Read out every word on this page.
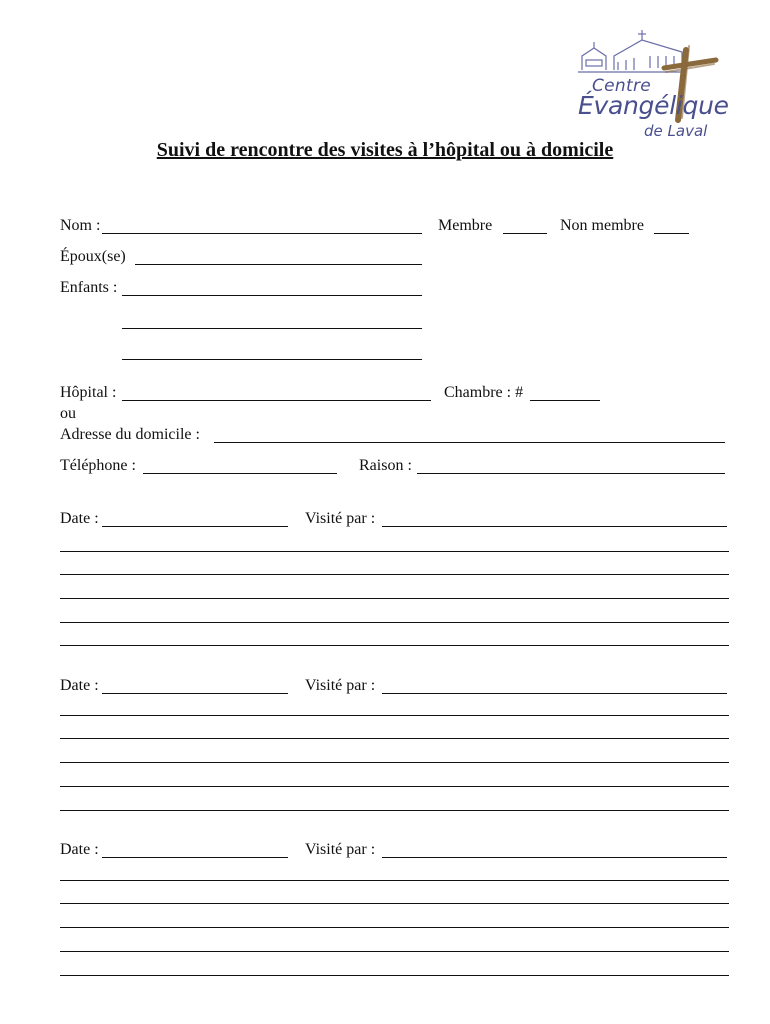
Centre
Évangélique
de Laval
Suivi de rencontre des visites à l’hôpital ou à domicile
Nom :	Membre	Non membre
Époux(se)
Enfants :
Hôpital :	Chambre : #
ou
Adresse du domicile :
Téléphone :	Raison :
Date :	Visité par :
Date :	Visité par :
Date :	Visité par :
